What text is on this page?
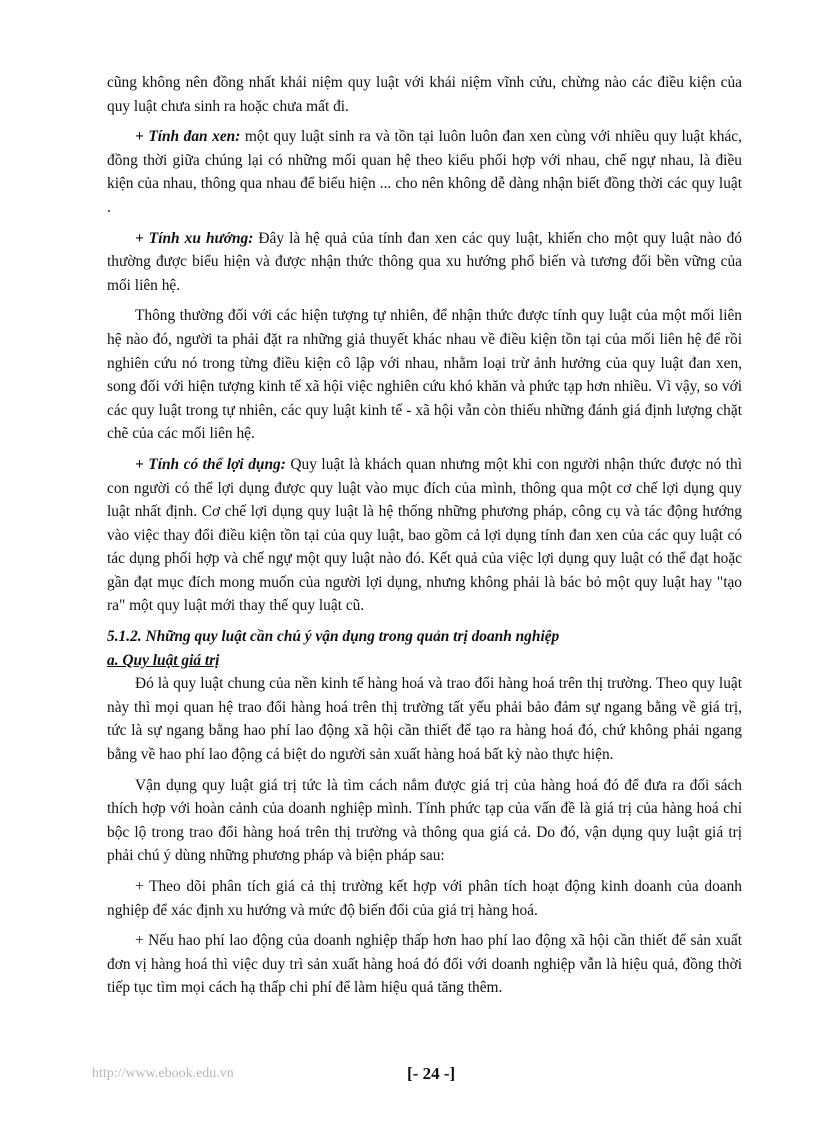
cũng không nên đồng nhất khái niệm quy luật với khái niệm vĩnh cửu, chừng nào các điều kiện của quy luật chưa sinh ra hoặc chưa mất đi.

+ Tính đan xen: một quy luật sinh ra và tồn tại luôn luôn đan xen cùng với nhiều quy luật khác, đồng thời giữa chúng lại có những mối quan hệ theo kiểu phối hợp với nhau, chế ngự nhau, là điều kiện của nhau, thông qua nhau để biểu hiện ... cho nên không dễ dàng nhận biết đồng thời các quy luật .

+ Tính xu hướng: Đây là hệ quả của tính đan xen các quy luật, khiến cho một quy luật nào đó thường được biểu hiện và được nhận thức thông qua xu hướng phổ biến và tương đối bền vững của mối liên hệ.

Thông thường đối với các hiện tượng tự nhiên, để nhận thức được tính quy luật của một mối liên hệ nào đó, người ta phải đặt ra những giả thuyết khác nhau về điều kiện tồn tại của mối liên hệ để rồi nghiên cứu nó trong từng điều kiện cô lập với nhau, nhằm loại trừ ảnh hưởng của quy luật đan xen, song đối với hiện tượng kinh tế xã hội việc nghiên cứu khó khăn và phức tạp hơn nhiều. Vì vậy, so với các quy luật trong tự nhiên, các quy luật kinh tế - xã hội vẫn còn thiếu những đánh giá định lượng chặt chẽ của các mối liên hệ.

+ Tính có thể lợi dụng: Quy luật là khách quan nhưng một khi con người nhận thức được nó thì con người có thể lợi dụng được quy luật vào mục đích của mình, thông qua một cơ chế lợi dụng quy luật nhất định. Cơ chế lợi dụng quy luật là hệ thống những phương pháp, công cụ và tác động hướng vào việc thay đổi điều kiện tồn tại của quy luật, bao gồm cả lợi dụng tính đan xen của các quy luật có tác dụng phối hợp và chế ngự một quy luật nào đó. Kết quả của việc lợi dụng quy luật có thể đạt hoặc gần đạt mục đích mong muốn của người lợi dụng, nhưng không phải là bác bỏ một quy luật hay "tạo ra" một quy luật mới thay thế quy luật cũ.

5.1.2. Những quy luật cần chú ý vận dụng trong quản trị doanh nghiệp
a. Quy luật giá trị

Đó là quy luật chung của nền kinh tế hàng hoá và trao đổi hàng hoá trên thị trường. Theo quy luật này thì mọi quan hệ trao đổi hàng hoá trên thị trường tất yếu phải bảo đảm sự ngang bằng về giá trị, tức là sự ngang bằng hao phí lao động xã hội cần thiết để tạo ra hàng hoá đó, chứ không phải ngang bằng về hao phí lao động cá biệt do người sản xuất hàng hoá bất kỳ nào thực hiện.

Vận dụng quy luật giá trị tức là tìm cách nắm được giá trị của hàng hoá đó để đưa ra đối sách thích hợp với hoàn cảnh của doanh nghiệp mình. Tính phức tạp của vấn đề là giá trị của hàng hoá chỉ bộc lộ trong trao đổi hàng hoá trên thị trường và thông qua giá cả. Do đó, vận dụng quy luật giá trị phải chú ý dùng những phương pháp và biện pháp sau:

+ Theo dõi phân tích giá cả thị trường kết hợp với phân tích hoạt động kinh doanh của doanh nghiệp để xác định xu hướng và mức độ biến đổi của giá trị hàng hoá.

+ Nếu hao phí lao động của doanh nghiệp thấp hơn hao phí lao động xã hội cần thiết để sản xuất đơn vị hàng hoá thì việc duy trì sản xuất hàng hoá đó đối với doanh nghiệp vẫn là hiệu quả, đồng thời tiếp tục tìm mọi cách hạ thấp chi phí để làm hiệu quả tăng thêm.

http://www.ebook.edu.vn	[- 24 -]
